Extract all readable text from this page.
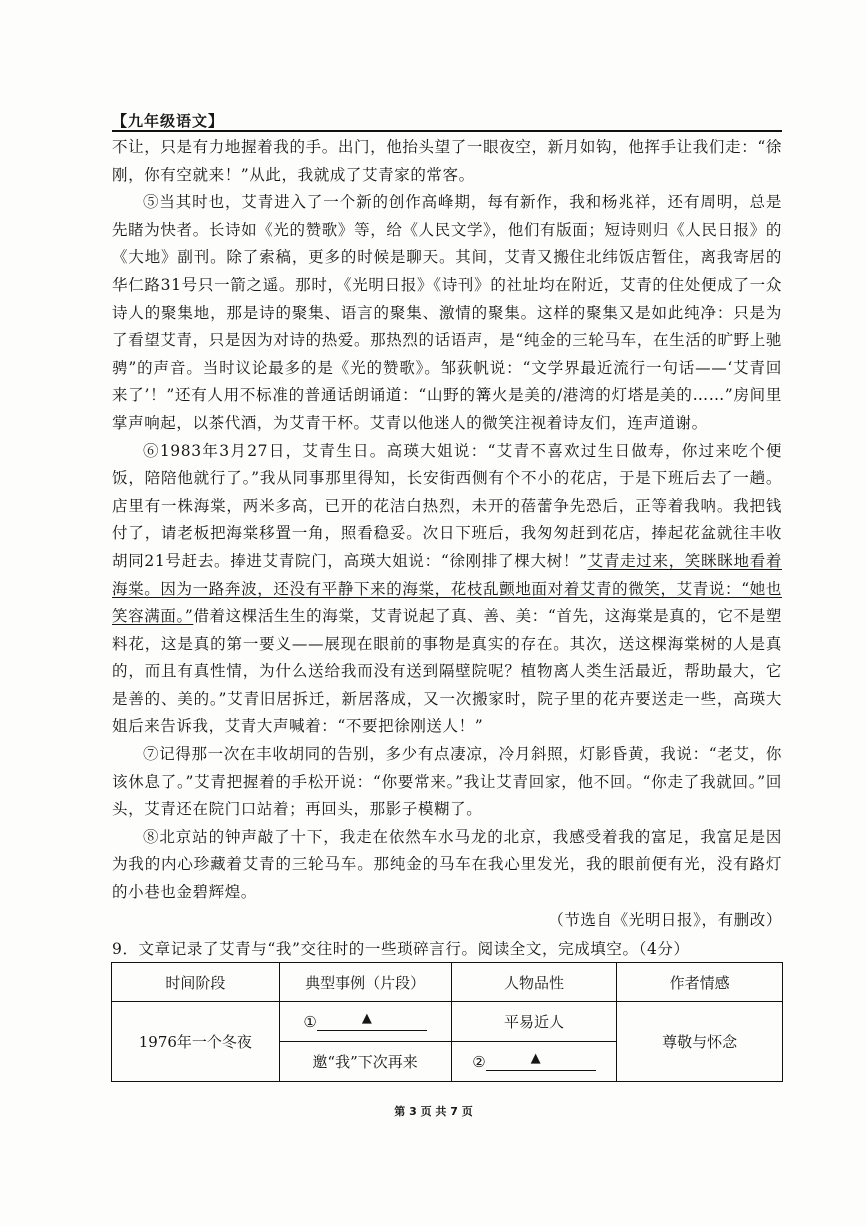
【九年级语文】

不让，只是有力地握着我的手。出门，他抬头望了一眼夜空，新月如钩，他挥手让我们走：“徐刚，你有空就来！”从此，我就成了艾青家的常客。

⑤当其时也，艾青进入了一个新的创作高峰期，每有新作，我和杨兆祥，还有周明，总是先睹为快者。长诗如《光的赞歌》等，给《人民文学》，他们有版面；短诗则归《人民日报》的《大地》副刊。除了索稿，更多的时候是聊天。其间，艾青又搬住北纬饭店暂住，离我寄居的华仁路31号只一箭之遥。那时，《光明日报》《诗刊》的社址均在附近，艾青的住处便成了一众诗人的聚集地，那是诗的聚集、语言的聚集、激情的聚集。这样的聚集又是如此纯净：只是为了看望艾青，只是因为对诗的热爱。那热烈的话语声，是“纯金的三轮马车，在生活的旷野上驰骋”的声音。当时议论最多的是《光的赞歌》。邹荻帆说：“文学界最近流行一句话——‘艾青回来了’！”还有人用不标准的普通话朗诵道：“山野的篝火是美的/港湾的灯塔是美的……”房间里掌声响起，以茶代酒，为艾青干杯。艾青以他迷人的微笑注视着诗友们，连声道谢。

⑥1983年3月27日，艾青生日。高瑛大姐说：“艾青不喜欢过生日做寿，你过来吃个便饭，陪陪他就行了。”我从同事那里得知，长安街西侧有个不小的花店，于是下班后去了一趟。店里有一株海棠，两米多高，已开的花洁白热烈，未开的蓓蕾争先恐后，正等着我呐。我把钱付了，请老板把海棠移置一角，照看稳妥。次日下班后，我匆匆赶到花店，捧起花盆就往丰收胡同21号赶去。捧进艾青院门，高瑛大姐说：“徐刚排了棵大树！”艾青走过来，笑眯眯地看着海棠。因为一路奔波，还没有平静下来的海棠，花枝乱颤地面对着艾青的微笑，艾青说：“她也笑容满面。”借着这棵活生生的海棠，艾青说起了真、善、美：“首先，这海棠是真的，它不是塑料花，这是真的第一要义——展现在眼前的事物是真实的存在。其次，送这棵海棠树的人是真的，而且有真性情，为什么送给我而没有送到隔壁院呢？植物离人类生活最近，帮助最大，它是善的、美的。”艾青旧居拆迁，新居落成，又一次搬家时，院子里的花卉要送走一些，高瑛大姐后来告诉我，艾青大声喊着：“不要把徐刚送人！”

⑦记得那一次在丰收胡同的告别，多少有点凄凉，冷月斜照，灯影昏黄，我说：“老艾，你该休息了。”艾青把握着的手松开说：“你要常来。”我让艾青回家，他不回。“你走了我就回。”回头，艾青还在院门口站着；再回头，那影子模糊了。

⑧北京站的钟声敲了十下，我走在依然车水马龙的北京，我感受着我的富足，我富足是因为我的内心珍藏着艾青的三轮马车。那纯金的马车在我心里发光，我的眼前便有光，没有路灯的小巷也金碧辉煌。

（节选自《光明日报》，有删改）

9．文章记录了艾青与“我”交往时的一些琐碎言行。阅读全文，完成填空。（4分）
时间阶段	典型事例（片段）	人物品性	作者情感
1976年一个冬夜	① ▲	平易近人	尊敬与怀念
	邀“我”下次再来	② ▲	
第 3 页 共 7 页
